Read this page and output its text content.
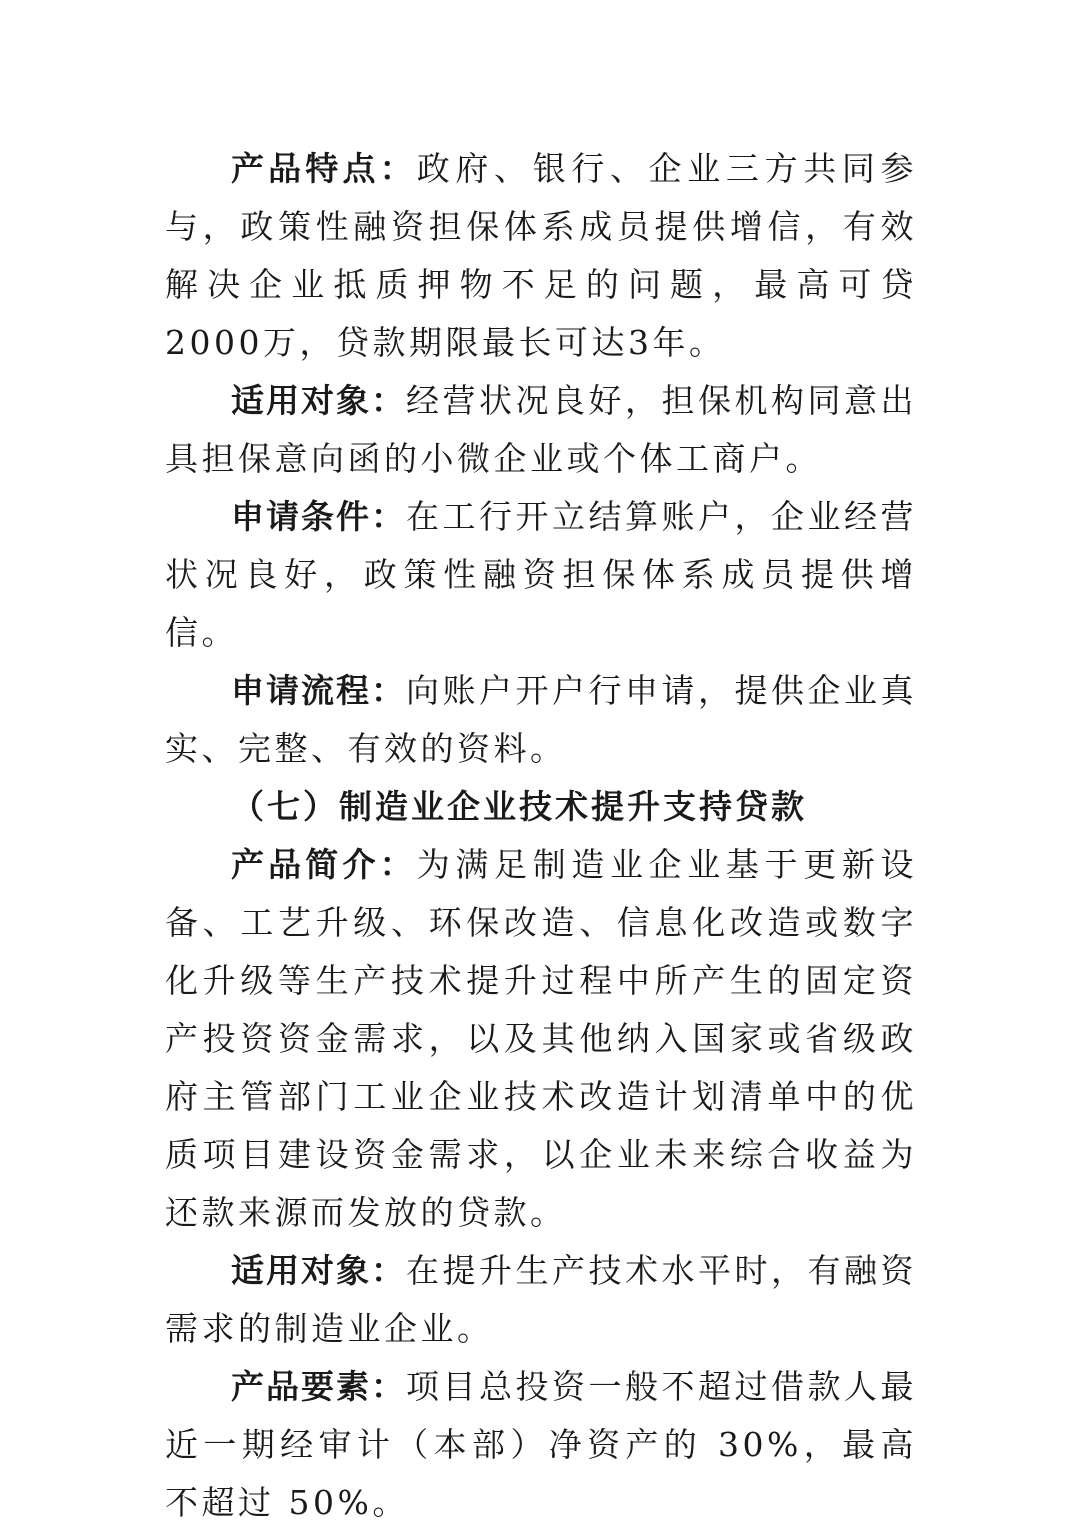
产品特点：政府、银行、企业三方共同参与，政策性融资担保体系成员提供增信，有效解决企业抵质押物不足的问题，最高可贷2000万，贷款期限最长可达3年。

适用对象：经营状况良好，担保机构同意出具担保意向函的小微企业或个体工商户。

申请条件：在工行开立结算账户，企业经营状况良好，政策性融资担保体系成员提供增信。

申请流程：向账户开户行申请，提供企业真实、完整、有效的资料。

（七）制造业企业技术提升支持贷款

产品简介：为满足制造业企业基于更新设备、工艺升级、环保改造、信息化改造或数字化升级等生产技术提升过程中所产生的固定资产投资资金需求，以及其他纳入国家或省级政府主管部门工业企业技术改造计划清单中的优质项目建设资金需求，以企业未来综合收益为还款来源而发放的贷款。

适用对象：在提升生产技术水平时，有融资需求的制造业企业。

产品要素：项目总投资一般不超过借款人最近一期经审计（本部）净资产的 30%，最高不超过 50%。
